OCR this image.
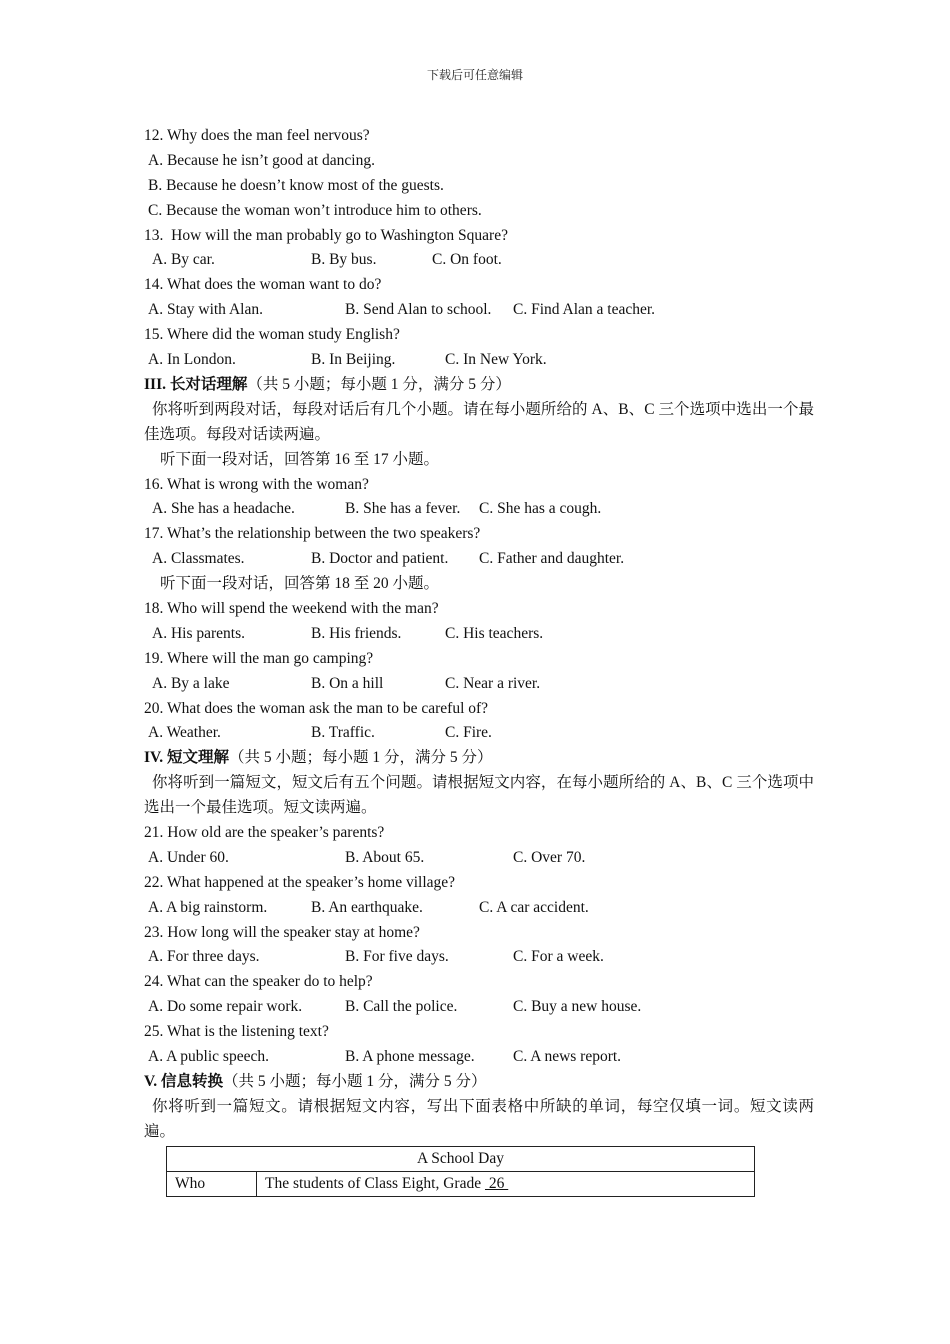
下载后可任意编辑
12. Why does the man feel nervous?
A. Because he isn’t good at dancing.
B. Because he doesn’t know most of the guests.
C. Because the woman won’t introduce him to others.
13.  How will the man probably go to Washington Square?
A. By car.	B. By bus.	C. On foot.
14. What does the woman want to do?
A. Stay with Alan.	B. Send Alan to school.	C. Find Alan a teacher.
15. Where did the woman study English?
A. In London.	B. In Beijing.	C. In New York.
III. 长对话理解（共 5 小题；每小题 1 分，满分 5 分）
你将听到两段对话，每段对话后有几个小题。请在每小题所给的 A、B、C 三个选项中选出一个最佳选项。每段对话读两遍。
听下面一段对话，回答第 16 至 17 小题。
16. What is wrong with the woman?
A. She has a headache.	B. She has a fever.	C. She has a cough.
17. What’s the relationship between the two speakers?
A. Classmates.	B. Doctor and patient.	C. Father and daughter.
听下面一段对话，回答第 18 至 20 小题。
18. Who will spend the weekend with the man?
A. His parents.	B. His friends.	C. His teachers.
19. Where will the man go camping?
A. By a lake	B. On a hill	C. Near a river.
20. What does the woman ask the man to be careful of?
A. Weather.	B. Traffic.	C. Fire.
IV. 短文理解（共 5 小题；每小题 1 分，满分 5 分）
你将听到一篇短文，短文后有五个问题。请根据短文内容，在每小题所给的 A、B、C 三个选项中选出一个最佳选项。短文读两遍。
21. How old are the speaker’s parents?
A. Under 60.	B. About 65.	C. Over 70.
22. What happened at the speaker’s home village?
A. A big rainstorm.	B. An earthquake.	C. A car accident.
23. How long will the speaker stay at home?
A. For three days.	B. For five days.	C. For a week.
24. What can the speaker do to help?
A. Do some repair work.	B. Call the police.	C. Buy a new house.
25. What is the listening text?
A. A public speech.	B. A phone message.	C. A news report.
V. 信息转换（共 5 小题；每小题 1 分，满分 5 分）
你将听到一篇短文。请根据短文内容，写出下面表格中所缺的单词，每空仅填一词。短文读两遍。
A School Day
Who	The students of Class Eight, Grade  26
